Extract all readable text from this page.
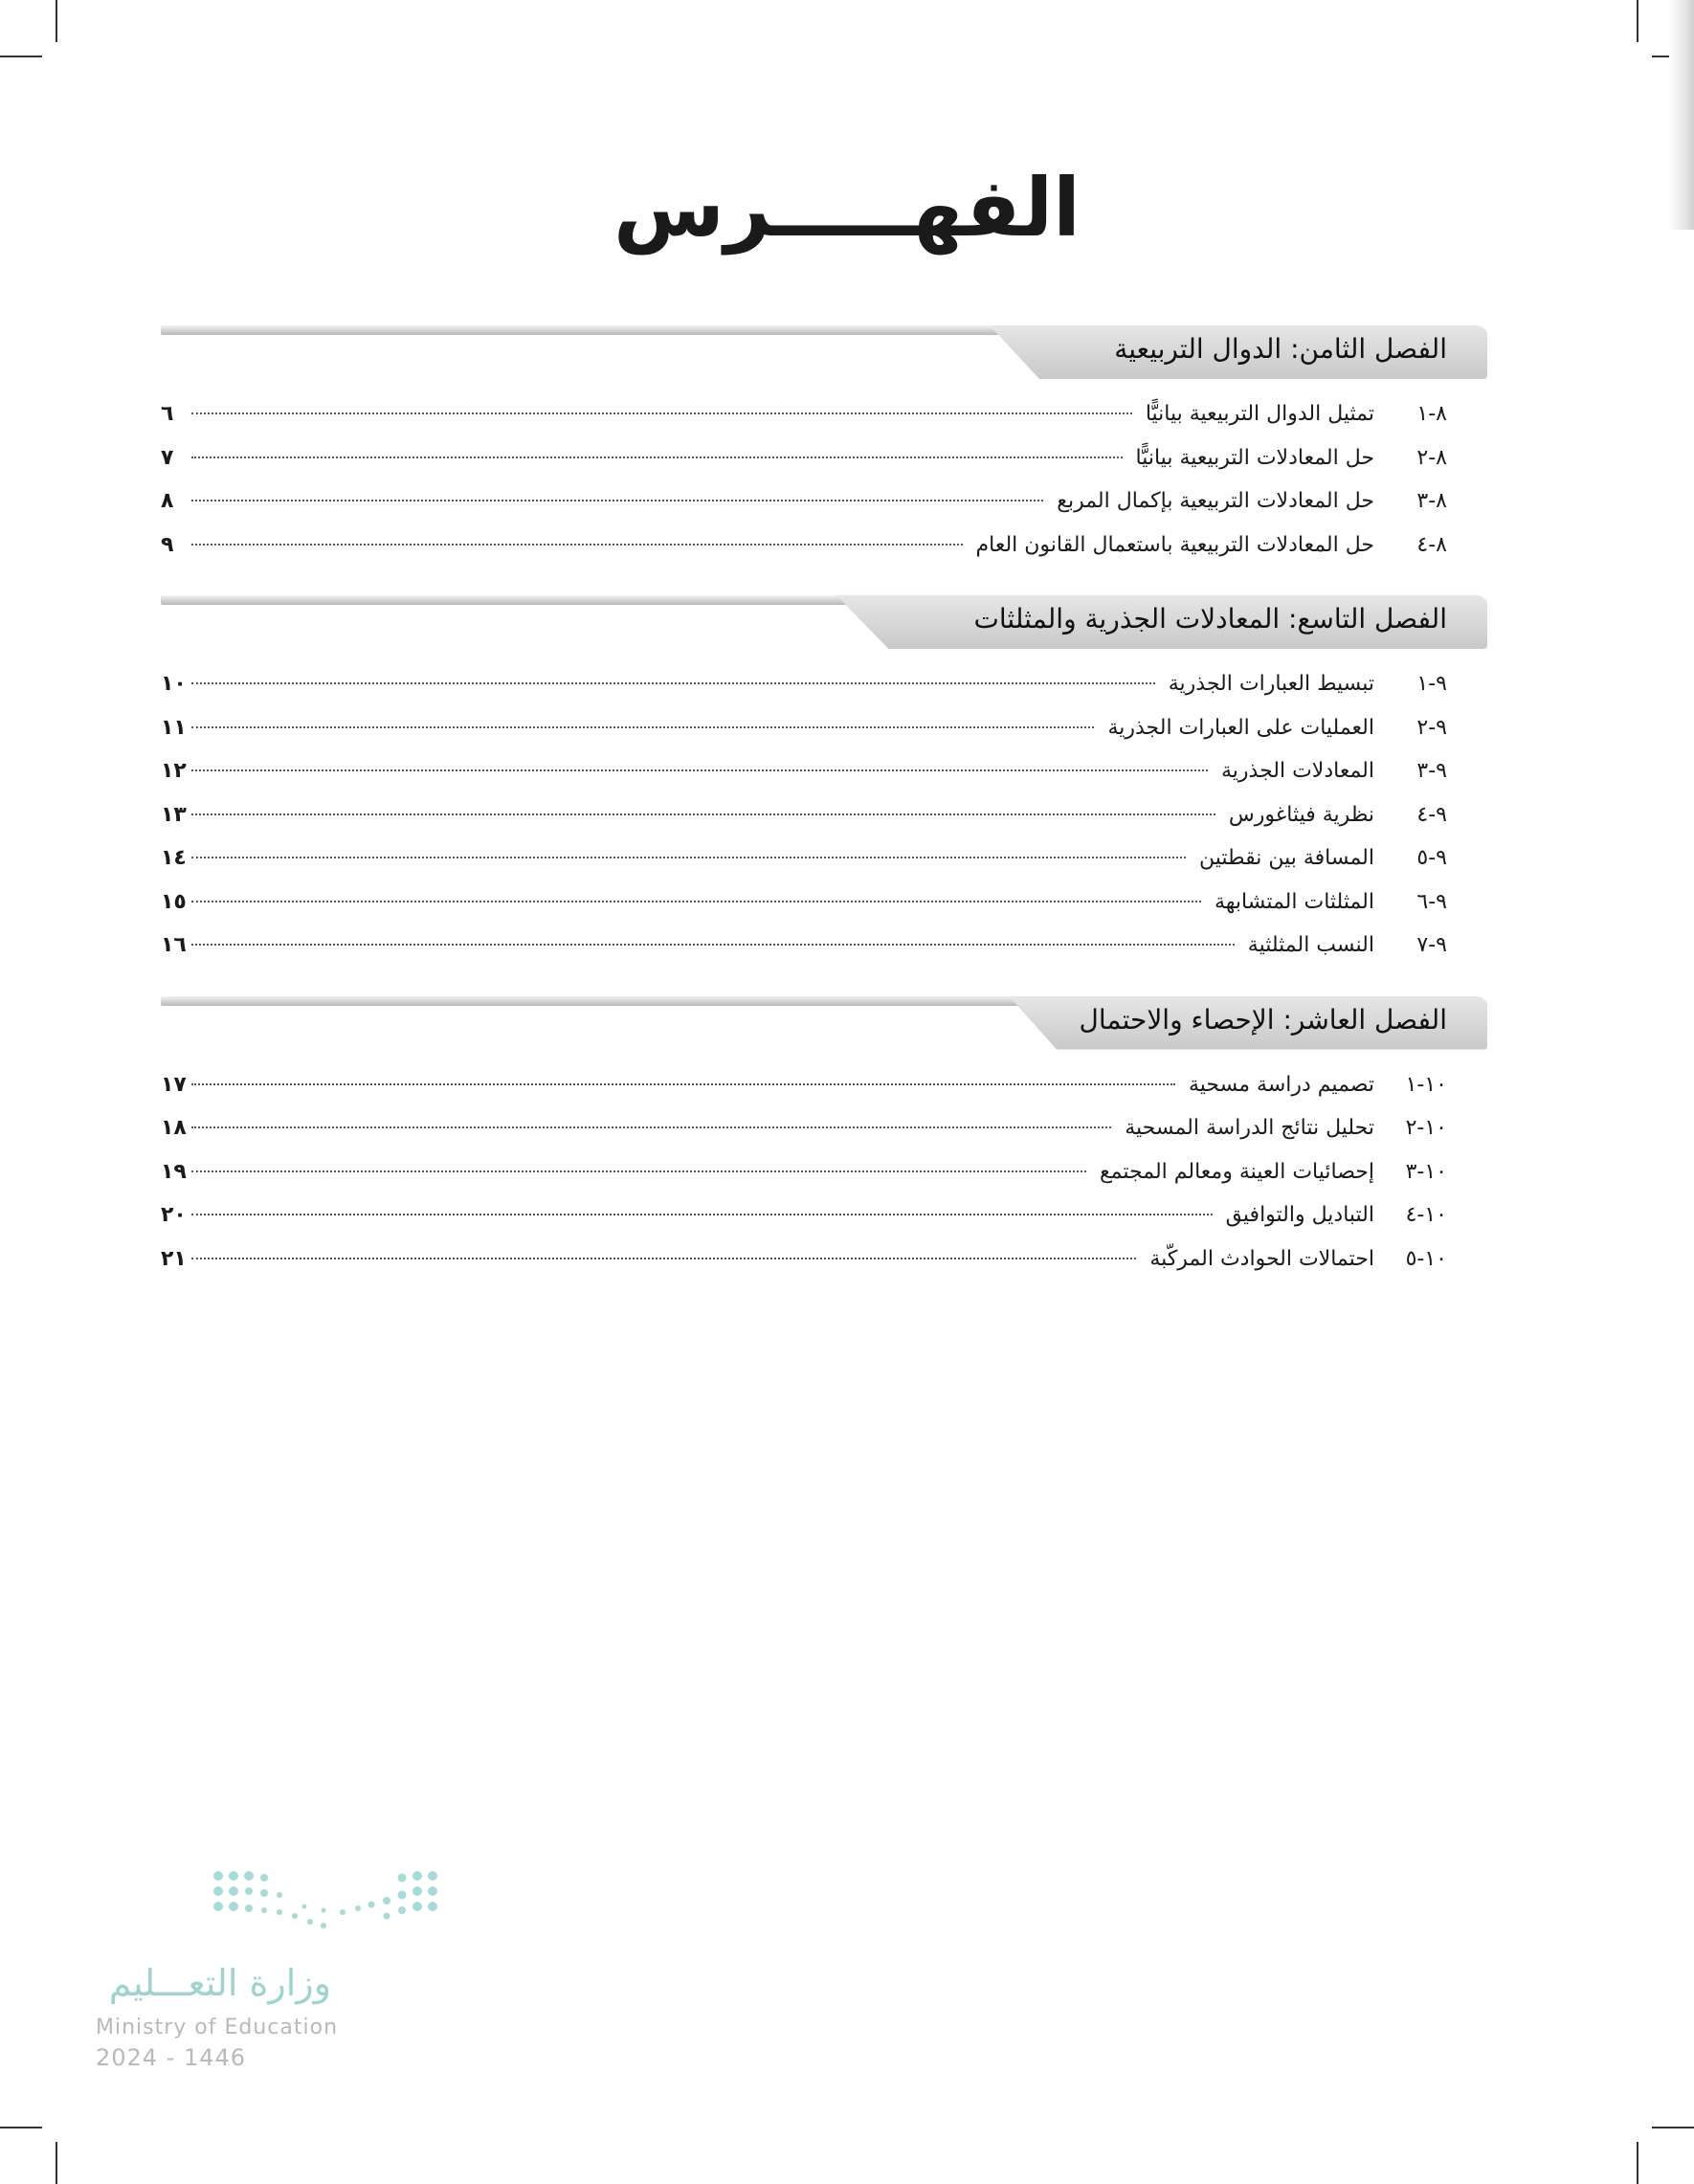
الفهـــــرس
الفصل الثامن: الدوال التربيعية
٨-١
تمثيل الدوال التربيعية بيانيًّا
٦
٨-٢
حل المعادلات التربيعية بيانيًّا
٧
٨-٣
حل المعادلات التربيعية بإكمال المربع
٨
٨-٤
حل المعادلات التربيعية باستعمال القانون العام
٩
الفصل التاسع: المعادلات الجذرية والمثلثات
٩-١
تبسيط العبارات الجذرية
١٠
٩-٢
العمليات على العبارات الجذرية
١١
٩-٣
المعادلات الجذرية
١٢
٩-٤
نظرية فيثاغورس
١٣
٩-٥
المسافة بين نقطتين
١٤
٩-٦
المثلثات المتشابهة
١٥
٩-٧
النسب المثلثية
١٦
الفصل العاشر: الإحصاء والاحتمال
١٠-١
تصميم دراسة مسحية
١٧
١٠-٢
تحليل نتائج الدراسة المسحية
١٨
١٠-٣
إحصائيات العينة ومعالم المجتمع
١٩
١٠-٤
التباديل والتوافيق
٢٠
١٠-٥
احتمالات الحوادث المركّبة
٢١
وزارة التعـــليم
Ministry of Education
2024 - 1446
